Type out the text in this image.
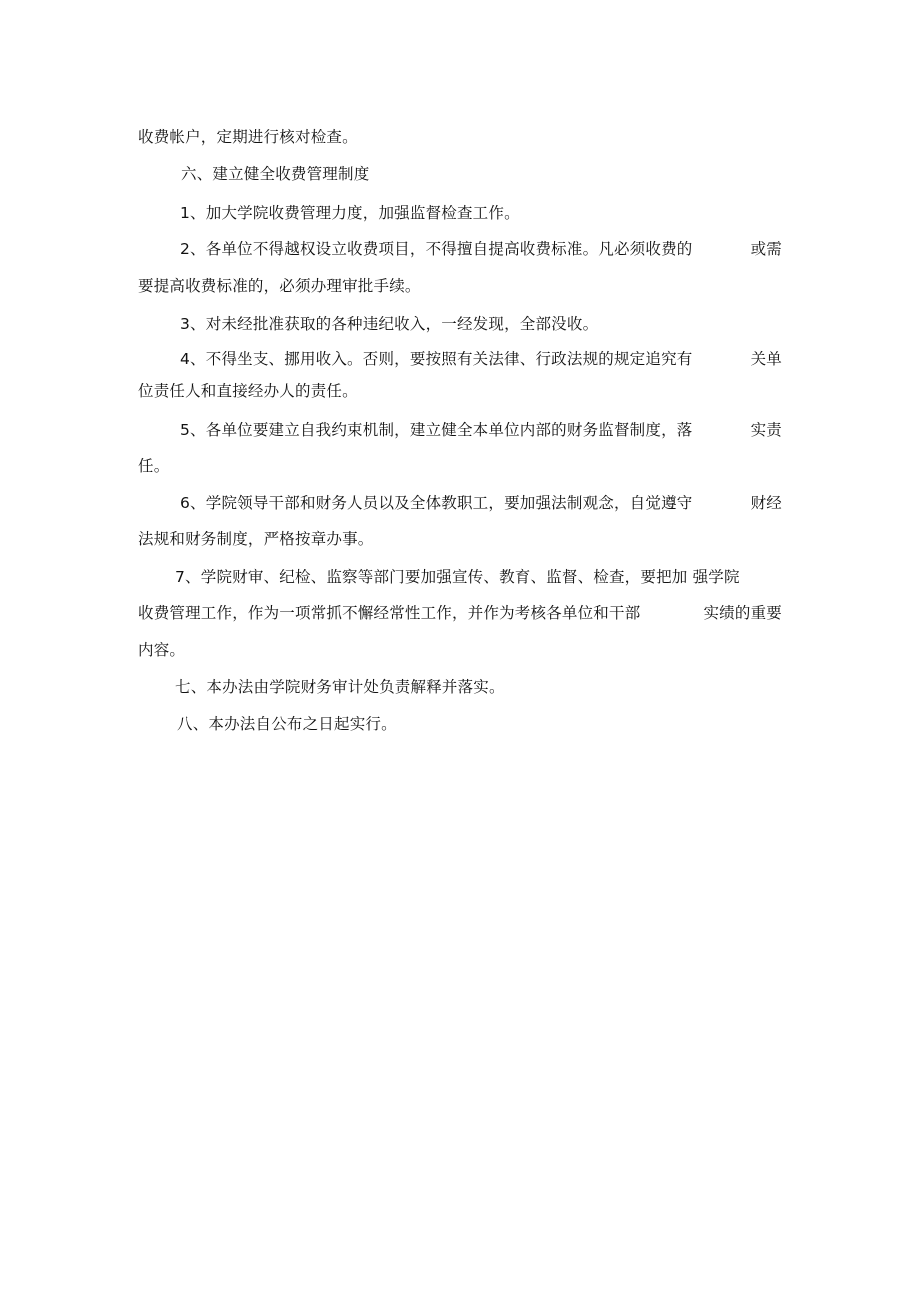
收费帐户，定期进行核对检查。
六、建立健全收费管理制度
1、加大学院收费管理力度，加强监督检查工作。
2、各单位不得越权设立收费项目，不得擅自提高收费标准。凡必须收费的	或需
要提高收费标准的，必须办理审批手续。
3、对未经批准获取的各种违纪收入，一经发现，全部没收。
4、不得坐支、挪用收入。否则，要按照有关法律、行政法规的规定追究有	关单
位责任人和直接经办人的责任。
5、各单位要建立自我约束机制，建立健全本单位内部的财务监督制度，落	实责
任。
6、学院领导干部和财务人员以及全体教职工，要加强法制观念，自觉遵守	财经
法规和财务制度，严格按章办事。
7、学院财审、纪检、监察等部门要加强宣传、教育、监督、检查，要把加 强学院
收费管理工作，作为一项常抓不懈经常性工作，并作为考核各单位和干部	实绩的重要
内容。
七、本办法由学院财务审计处负责解释并落实。
八、本办法自公布之日起实行。
